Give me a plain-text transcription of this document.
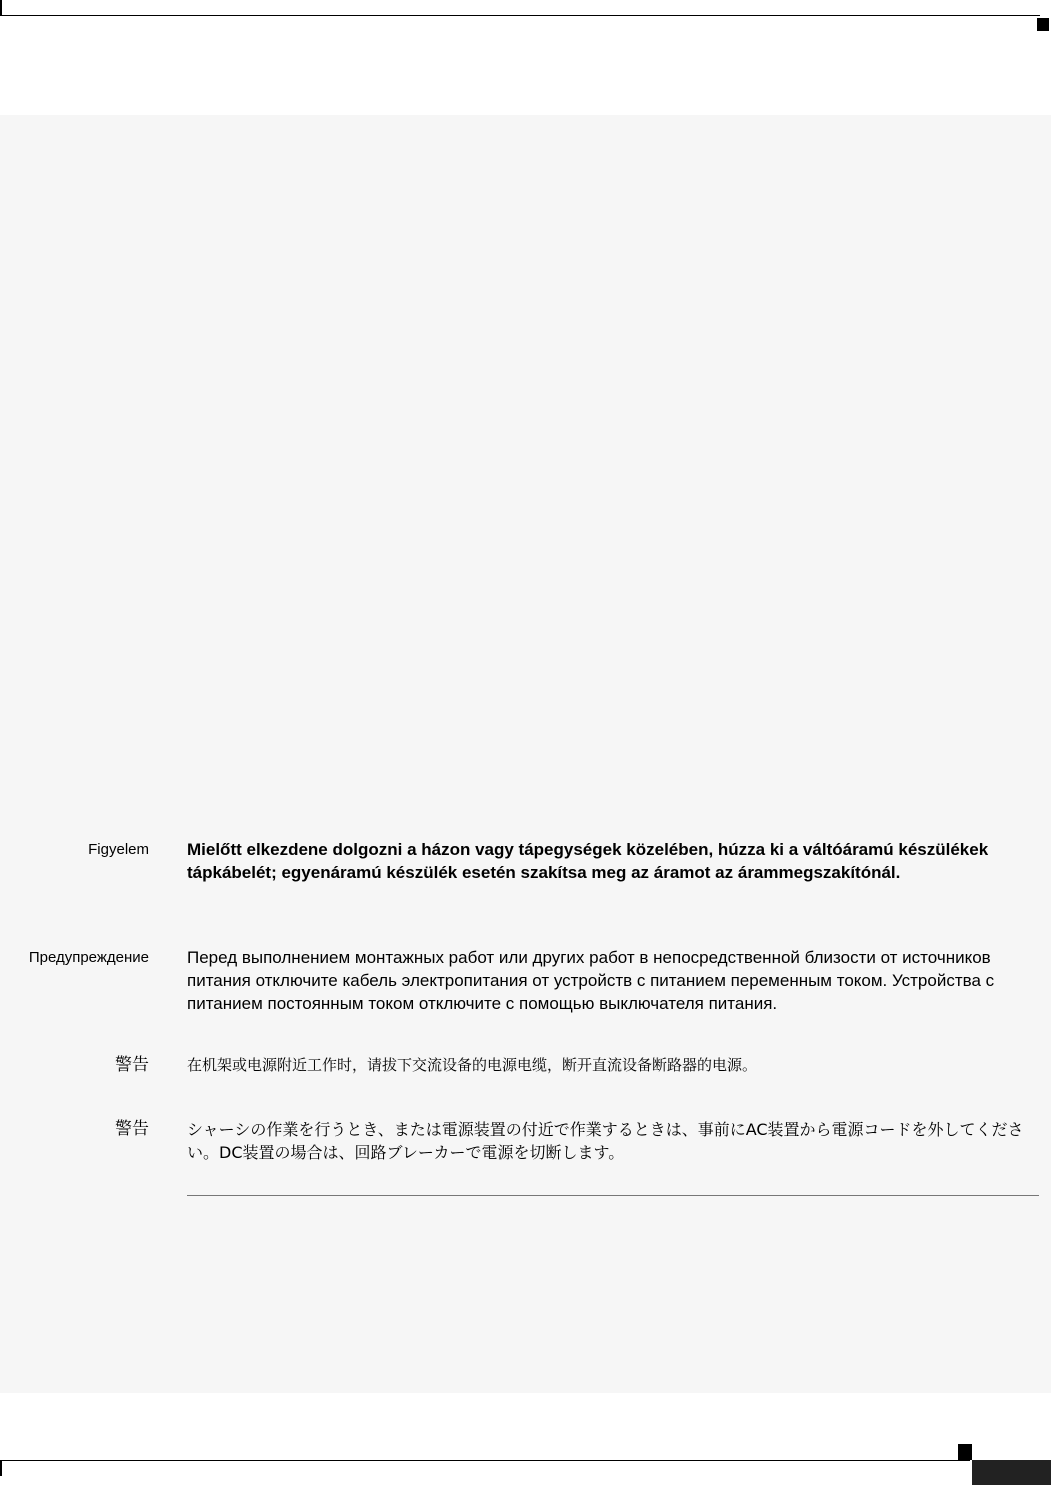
Figyelem Mielőtt elkezdene dolgozni a házon vagy tápegységek közelében, húzza ki a váltóáramú készülékek tápkábelét; egyenáramú készülék esetén szakítsa meg az áramot az árammegszakítónál.
Предупреждение Перед выполнением монтажных работ или других работ в непосредственной близости от источников питания отключите кабель электропитания от устройств с питанием переменным током. Устройства с питанием постоянным током отключите с помощью выключателя питания.
警告	在机架或电源附近工作时，请拔下交流设备的电源电缆，断开直流设备断路器的电源。
警告 シャーシの作業を行うとき、または電源装置の付近で作業するときは、事前にAC装置から電源コードを外してください。DC装置の場合は、回路ブレーカーで電源を切断します。
